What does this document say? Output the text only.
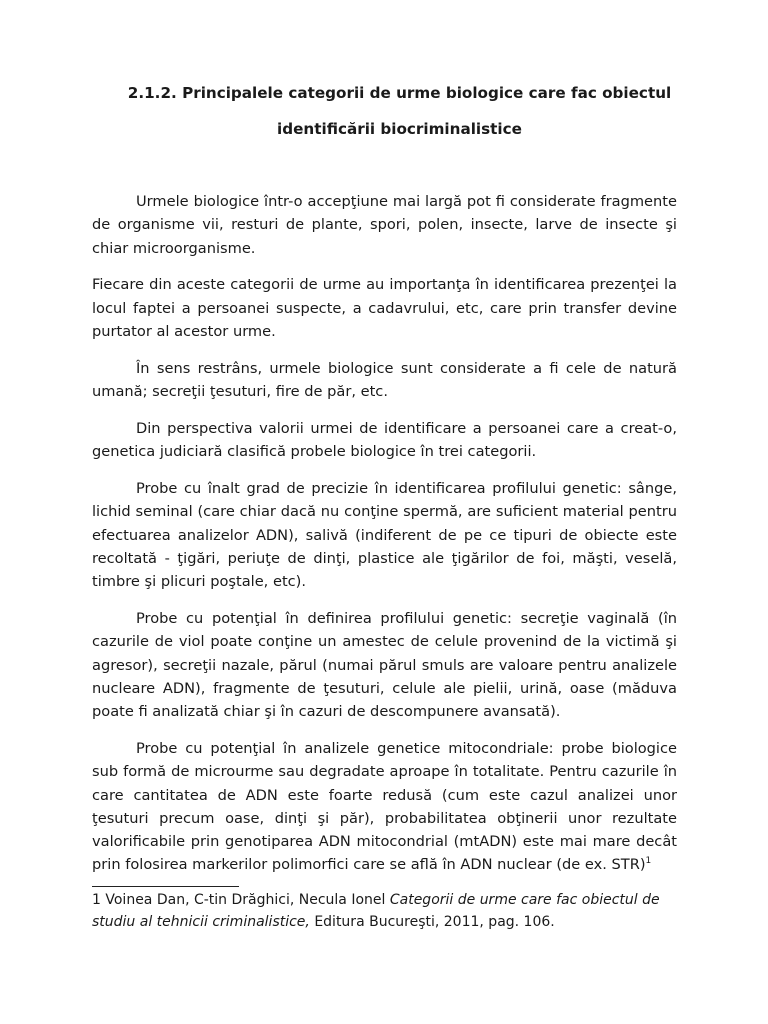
2.1.2. Principalele categorii de urme biologice care fac obiectul
identificării biocriminalistice

Urmele biologice într-o accepţiune mai largă pot fi considerate fragmente de organisme vii, resturi de plante, spori, polen, insecte, larve de insecte şi chiar microorganisme.

Fiecare din aceste categorii de urme au importanţa în identificarea prezenţei la locul faptei a persoanei suspecte, a cadavrului, etc, care prin transfer devine purtator al acestor urme.

În sens restrâns, urmele biologice sunt considerate a fi cele de natură umană; secreţii ţesuturi, fire de păr, etc.

Din perspectiva valorii urmei de identificare a persoanei care a creat-o, genetica judiciară clasifică probele biologice în trei categorii.

Probe cu înalt grad de precizie în identificarea profilului genetic: sânge, lichid seminal (care chiar dacă nu conţine spermă, are suficient material pentru efectuarea analizelor ADN), salivă (indiferent de pe ce tipuri de obiecte este recoltată - ţigări, periuţe de dinţi, plastice ale ţigărilor de foi, măşti, veselă, timbre şi plicuri poştale, etc).

Probe cu potenţial în definirea profilului genetic: secreţie vaginală (în cazurile de viol poate conţine un amestec de celule provenind de la victimă şi agresor), secreţii nazale, părul (numai părul smuls are valoare pentru analizele nucleare ADN), fragmente de ţesuturi, celule ale pielii, urină, oase (măduva poate fi analizată chiar şi în cazuri de descompunere avansată).

Probe cu potenţial în analizele genetice mitocondriale: probe biologice sub formă de microurme sau degradate aproape în totalitate. Pentru cazurile în care cantitatea de ADN este foarte redusă (cum este cazul analizei unor ţesuturi precum oase, dinţi şi păr), probabilitatea obţinerii unor rezultate valorificabile prin genotiparea ADN mitocondrial (mtADN) este mai mare decât prin folosirea markerilor polimorfici care se află în ADN nuclear (de ex. STR)$^1$

1 Voinea Dan, C-tin Drăghici, Necula Ionel Categorii de urme care fac obiectul de studiu al tehnicii criminalistice, Editura Bucureşti, 2011, pag. 106.
